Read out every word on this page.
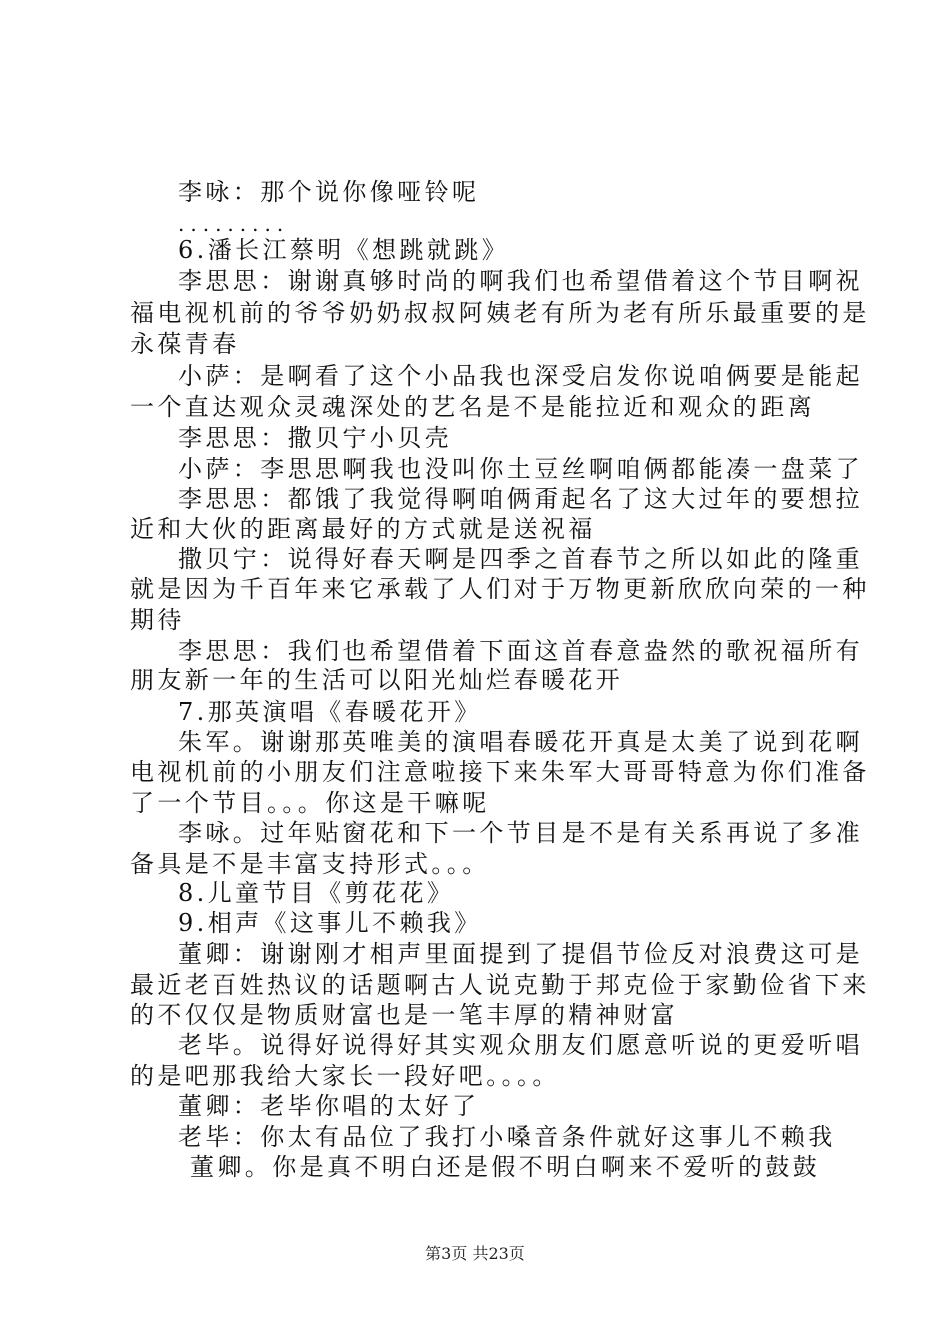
李咏：那个说你像哑铃呢
.........
6.潘长江蔡明《想跳就跳》
李思思：谢谢真够时尚的啊我们也希望借着这个节目啊祝
福电视机前的爷爷奶奶叔叔阿姨老有所为老有所乐最重要的是
永葆青春
小萨：是啊看了这个小品我也深受启发你说咱俩要是能起
一个直达观众灵魂深处的艺名是不是能拉近和观众的距离
李思思：撒贝宁小贝壳
小萨：李思思啊我也没叫你土豆丝啊咱俩都能凑一盘菜了
李思思：都饿了我觉得啊咱俩甭起名了这大过年的要想拉
近和大伙的距离最好的方式就是送祝福
撒贝宁：说得好春天啊是四季之首春节之所以如此的隆重
就是因为千百年来它承载了人们对于万物更新欣欣向荣的一种
期待
李思思：我们也希望借着下面这首春意盎然的歌祝福所有
朋友新一年的生活可以阳光灿烂春暖花开
7.那英演唱《春暖花开》
朱军。谢谢那英唯美的演唱春暖花开真是太美了说到花啊
电视机前的小朋友们注意啦接下来朱军大哥哥特意为你们准备
了一个节目。。。你这是干嘛呢
李咏。过年贴窗花和下一个节目是不是有关系再说了多准
备具是不是丰富支持形式。。。
8.儿童节目《剪花花》
9.相声《这事儿不赖我》
董卿：谢谢刚才相声里面提到了提倡节俭反对浪费这可是
最近老百姓热议的话题啊古人说克勤于邦克俭于家勤俭省下来
的不仅仅是物质财富也是一笔丰厚的精神财富
老毕。说得好说得好其实观众朋友们愿意听说的更爱听唱
的是吧那我给大家长一段好吧。。。。
董卿：老毕你唱的太好了
老毕：你太有品位了我打小嗓音条件就好这事儿不赖我
董卿。你是真不明白还是假不明白啊来不爱听的鼓鼓
第3页 共23页
